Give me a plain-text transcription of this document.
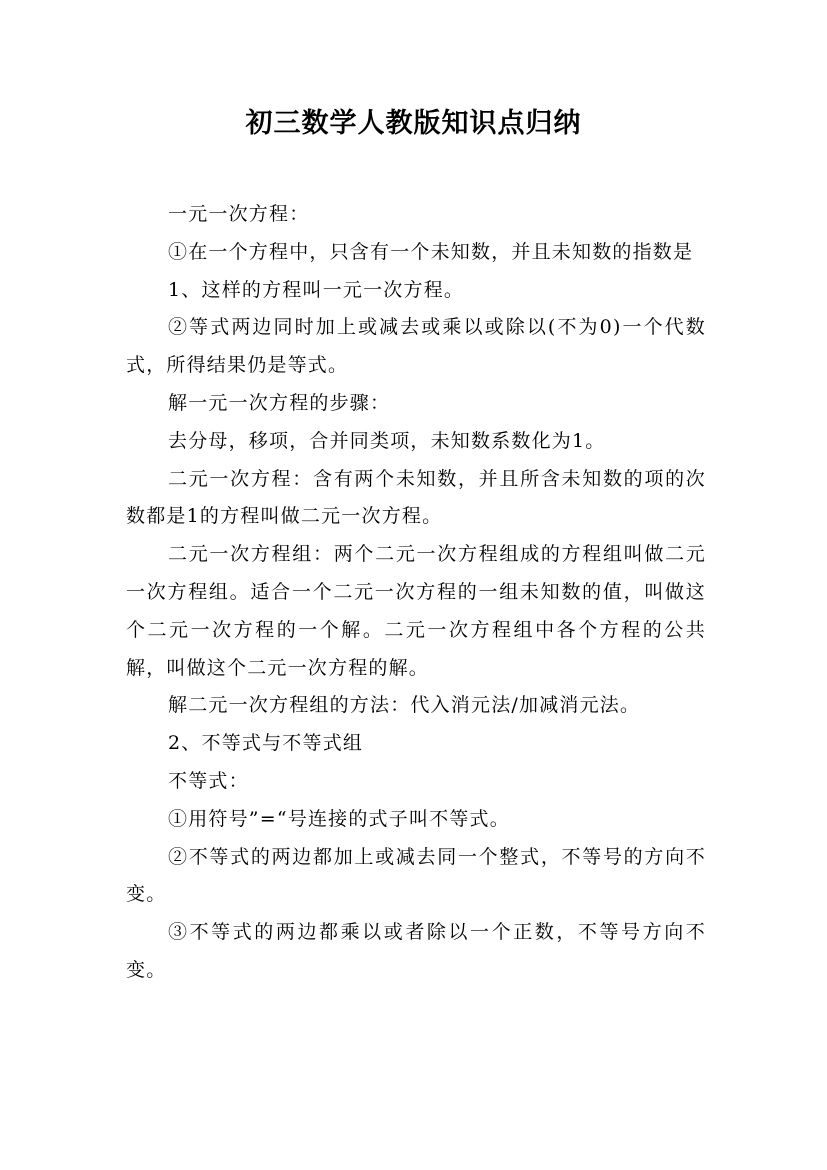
初三数学人教版知识点归纳

一元一次方程：

①在一个方程中，只含有一个未知数，并且未知数的指数是

1、这样的方程叫一元一次方程。

②等式两边同时加上或减去或乘以或除以(不为0)一个代数式，所得结果仍是等式。

解一元一次方程的步骤：

去分母，移项，合并同类项，未知数系数化为1。

二元一次方程：含有两个未知数，并且所含未知数的项的次数都是1的方程叫做二元一次方程。

二元一次方程组：两个二元一次方程组成的方程组叫做二元一次方程组。适合一个二元一次方程的一组未知数的值，叫做这个二元一次方程的一个解。二元一次方程组中各个方程的公共解，叫做这个二元一次方程的解。

解二元一次方程组的方法：代入消元法/加减消元法。

2、不等式与不等式组

不等式：

①用符号”=“号连接的式子叫不等式。

②不等式的两边都加上或减去同一个整式，不等号的方向不变。

③不等式的两边都乘以或者除以一个正数，不等号方向不变。
